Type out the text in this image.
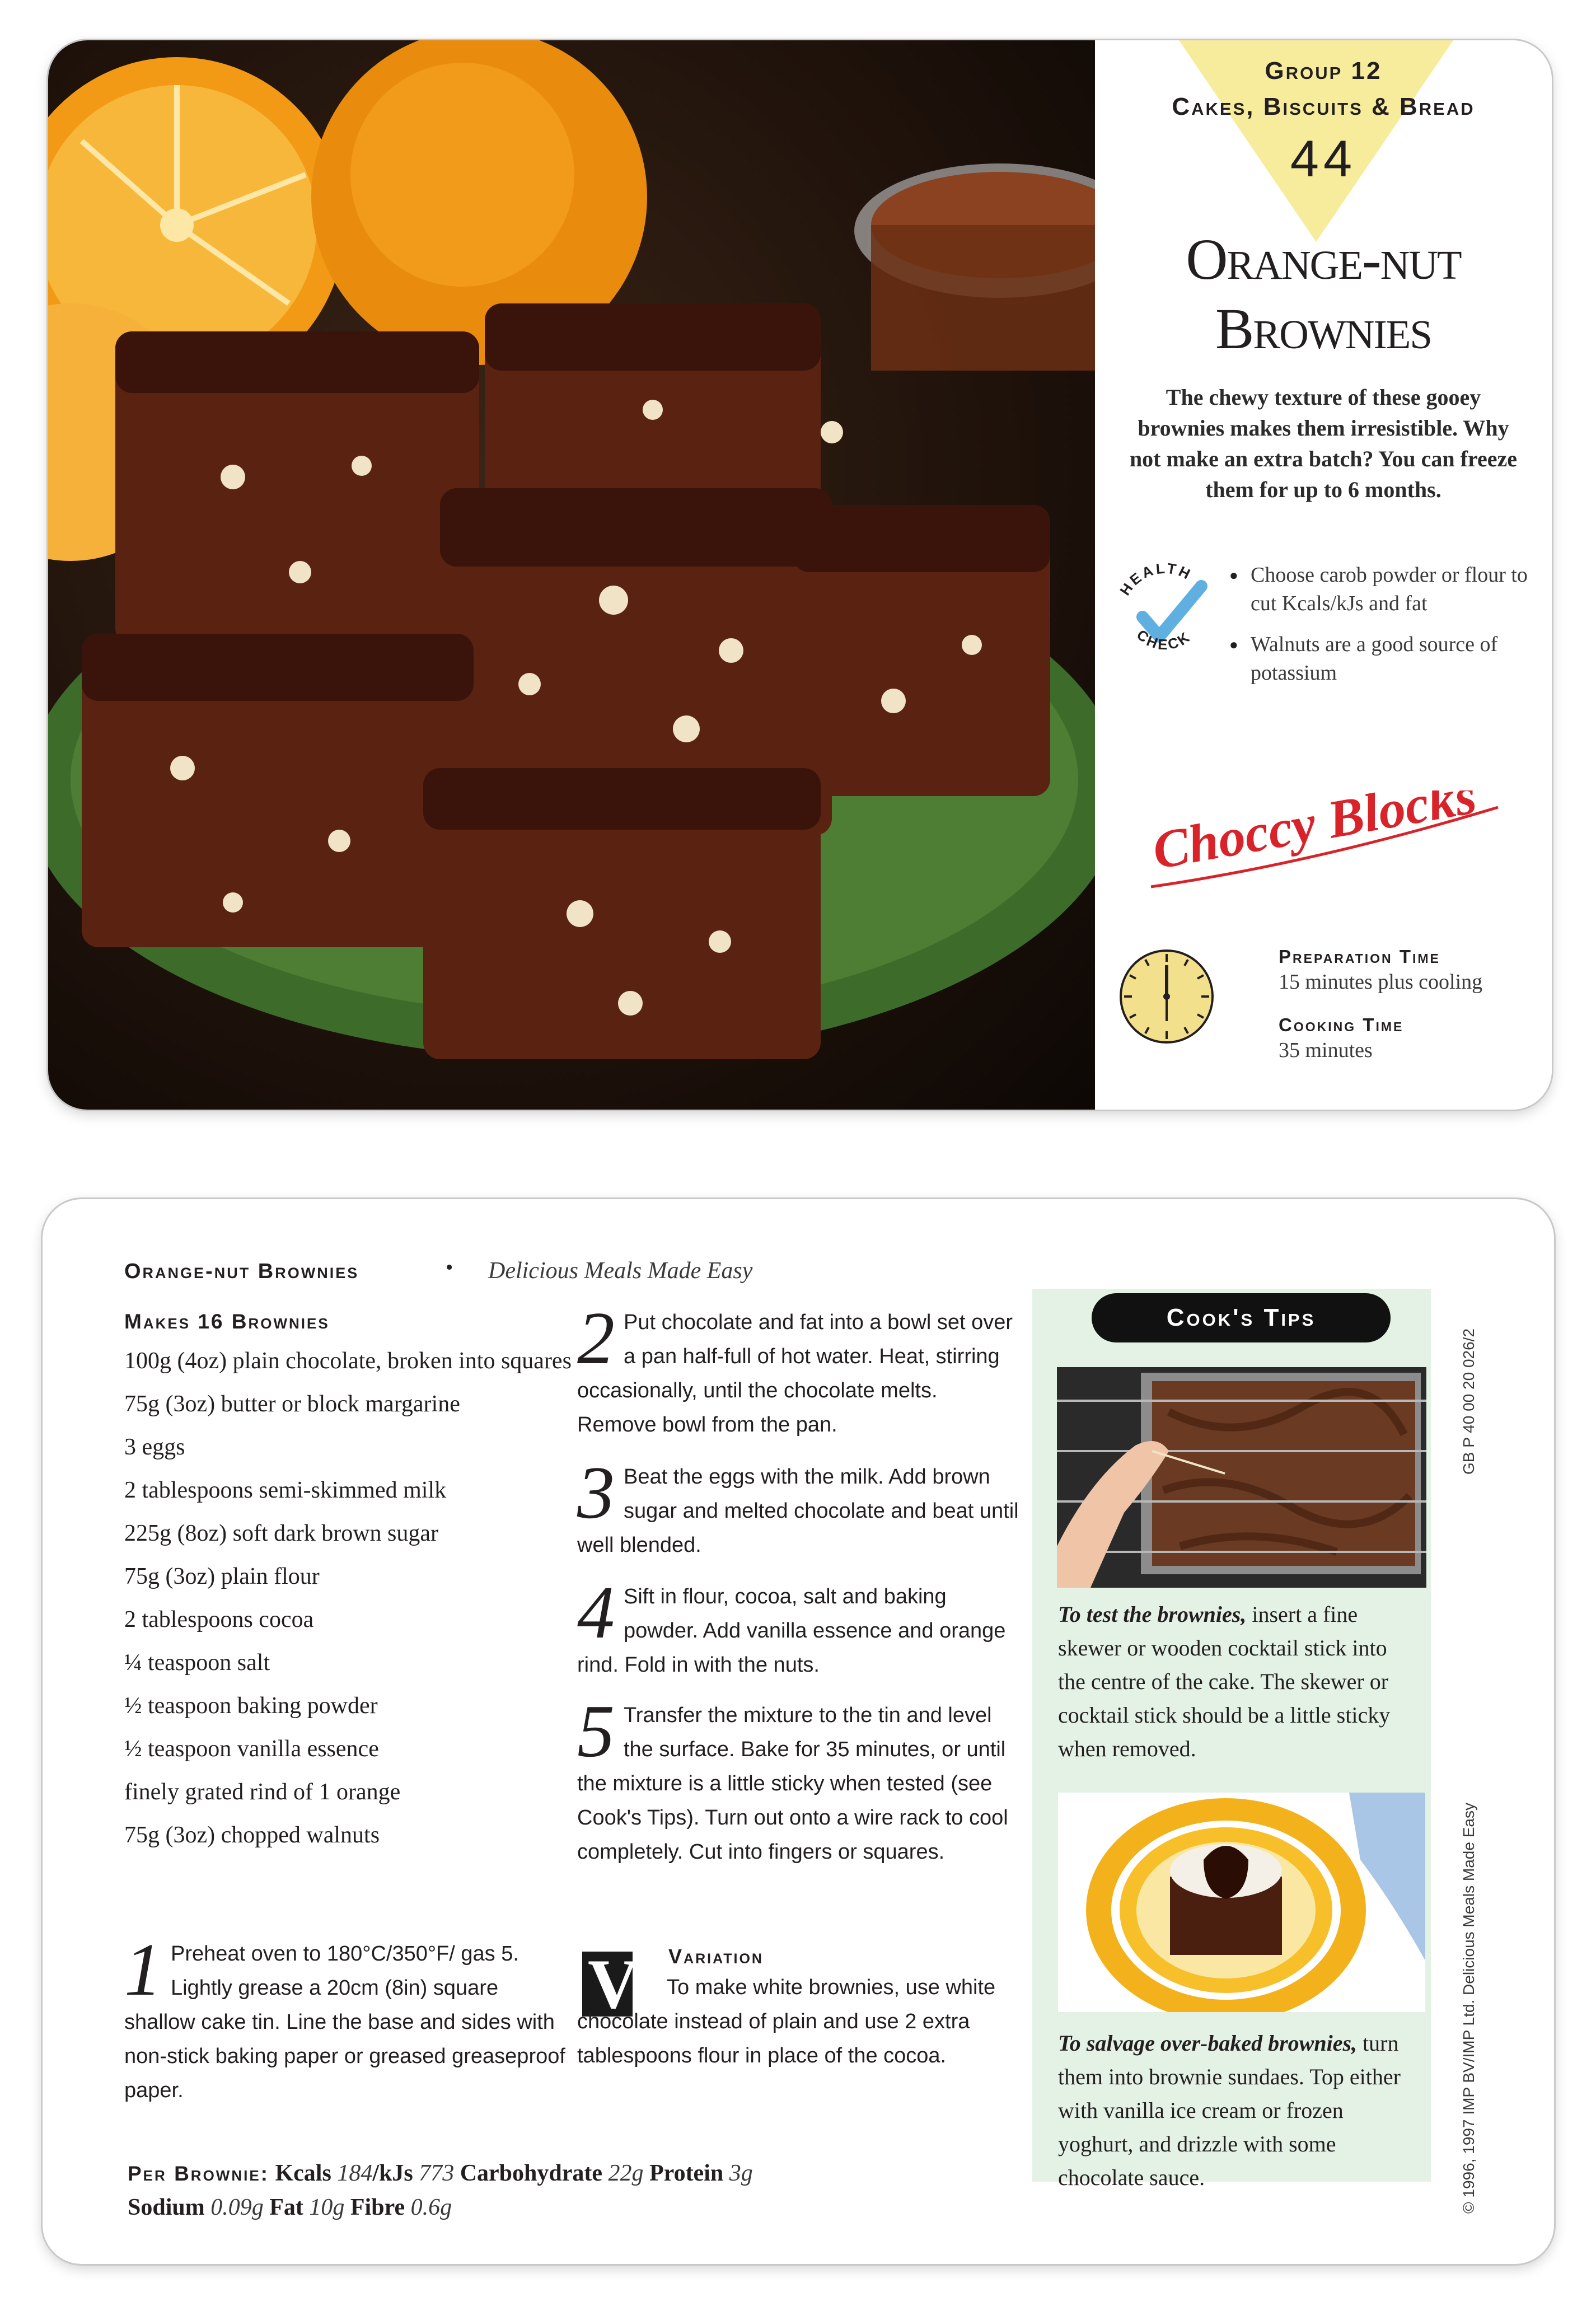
Group 12
Cakes, Biscuits & Bread
44
Orange-nut
Brownies
The chewy texture of these gooey brownies makes them irresistible. Why not make an extra batch? You can freeze them for up to 6 months.
HEALTH
CHECK
● Choose carob powder or flour to cut Kcals/kJs and fat
● Walnuts are a good source of potassium
Choccy Blocks
Preparation Time
15 minutes plus cooling
Cooking Time
35 minutes
Orange-nut Brownies	• Delicious Meals Made Easy
Makes 16 Brownies
100g (4oz) plain chocolate, broken into squares
75g (3oz) butter or block margarine
3 eggs
2 tablespoons semi-skimmed milk
225g (8oz) soft dark brown sugar
75g (3oz) plain flour
2 tablespoons cocoa
¼ teaspoon salt
½ teaspoon baking powder
½ teaspoon vanilla essence
finely grated rind of 1 orange
75g (3oz) chopped walnuts
1 Preheat oven to 180°C/350°F/ gas 5. Lightly grease a 20cm (8in) square shallow cake tin. Line the base and sides with non-stick baking paper or greased greaseproof paper.
2 Put chocolate and fat into a bowl set over a pan half-full of hot water. Heat, stirring occasionally, until the chocolate melts. Remove bowl from the pan.
3 Beat the eggs with the milk. Add brown sugar and melted chocolate and beat until well blended.
4 Sift in flour, cocoa, salt and baking powder. Add vanilla essence and orange rind. Fold in with the nuts.
5 Transfer the mixture to the tin and level the surface. Bake for 35 minutes, or until the mixture is a little sticky when tested (see Cook's Tips). Turn out onto a wire rack to cool completely. Cut into fingers or squares.
V Variation
To make white brownies, use white chocolate instead of plain and use 2 extra tablespoons flour in place of the cocoa.
Per Brownie: Kcals 184/kJs 773 Carbohydrate 22g Protein 3g
Sodium 0.09g Fat 10g Fibre 0.6g
Cook's Tips
To test the brownies, insert a fine skewer or wooden cocktail stick into the centre of the cake. The skewer or cocktail stick should be a little sticky when removed.
To salvage over-baked brownies, turn them into brownie sundaes. Top either with vanilla ice cream or frozen yoghurt, and drizzle with some chocolate sauce.
GB P 40 00 20 026/2
© 1996, 1997 IMP BV/IMP Ltd. Delicious Meals Made Easy
